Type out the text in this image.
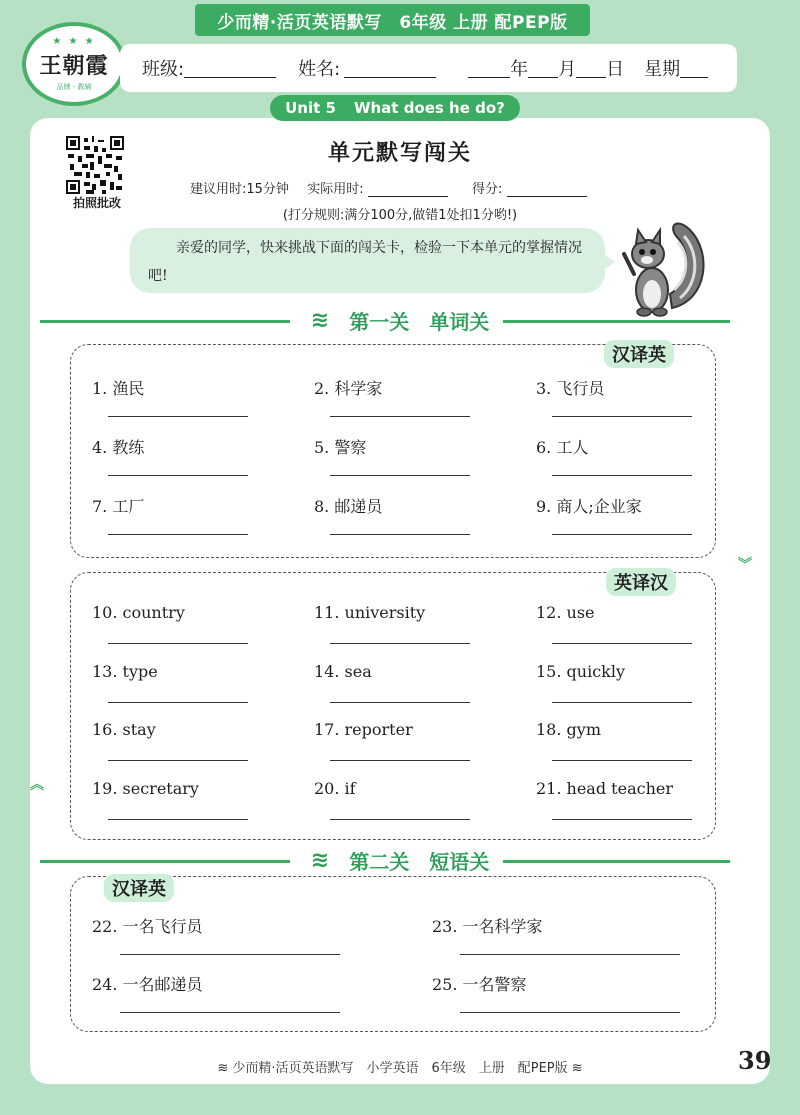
少而精·活页英语默写　6年级 上册 配PEP版
★ ★ ★
王朝霞
品牌 · 教辅
班级:	姓名:	年 月 日 星期
Unit 5 What does he do?
拍照批改
单元默写闯关
建议用时:15分钟 实际用时:	得分:
(打分规则:满分100分,做错1处扣1分哟!)
亲爱的同学，快来挑战下面的闯关卡，检验一下本单元的掌握情况吧!
︾
︽
≋ 第一关 单词关
汉译英
1. 渔民	2. 科学家	3. 飞行员
4. 教练	5. 警察	6. 工人
7. 工厂	8. 邮递员	9. 商人;企业家
英译汉
10. country	11. university	12. use
13. type	14. sea	15. quickly
16. stay	17. reporter	18. gym
19. secretary	20. if	21. head teacher
≋ 第二关 短语关
汉译英
22. 一名飞行员	23. 一名科学家
24. 一名邮递员	25. 一名警察
≋ 少而精·活页英语默写　小学英语　6年级　上册　配PEP版 ≋	39
